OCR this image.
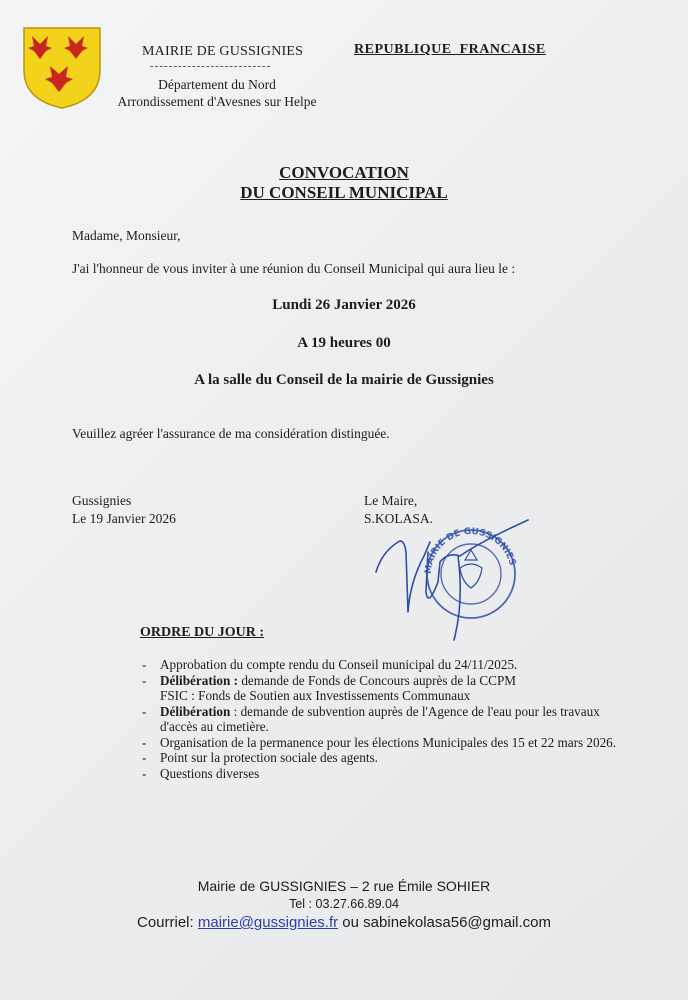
MAIRIE DE GUSSIGNIES
--------------------------
Département du Nord
Arrondissement d'Avesnes sur Helpe
REPUBLIQUE  FRANCAISE
CONVOCATION
DU CONSEIL MUNICIPAL
Madame, Monsieur,
J'ai l'honneur de vous inviter à une réunion du Conseil Municipal qui aura lieu le :
Lundi 26 Janvier 2026
A 19 heures 00
A la salle du Conseil de la mairie de Gussignies
Veuillez agréer l'assurance de ma considération distinguée.
Gussignies
Le 19 Janvier 2026
Le Maire,
S.KOLASA.
MAIRIE DE GUSSIGNIES
ORDRE DU JOUR :
- Approbation du compte rendu du Conseil municipal du 24/11/2025.
- Délibération : demande de Fonds de Concours auprès de la CCPM
FSIC : Fonds de Soutien aux Investissements Communaux
- Délibération : demande de subvention auprès de l'Agence de l'eau pour les travaux d'accès au cimetière.
- Organisation de la permanence pour les élections Municipales des 15 et 22 mars 2026.
- Point sur la protection sociale des agents.
- Questions diverses
Mairie de GUSSIGNIES – 2 rue Émile SOHIER
Tel : 03.27.66.89.04
Courriel: mairie@gussignies.fr ou sabinekolasa56@gmail.com
